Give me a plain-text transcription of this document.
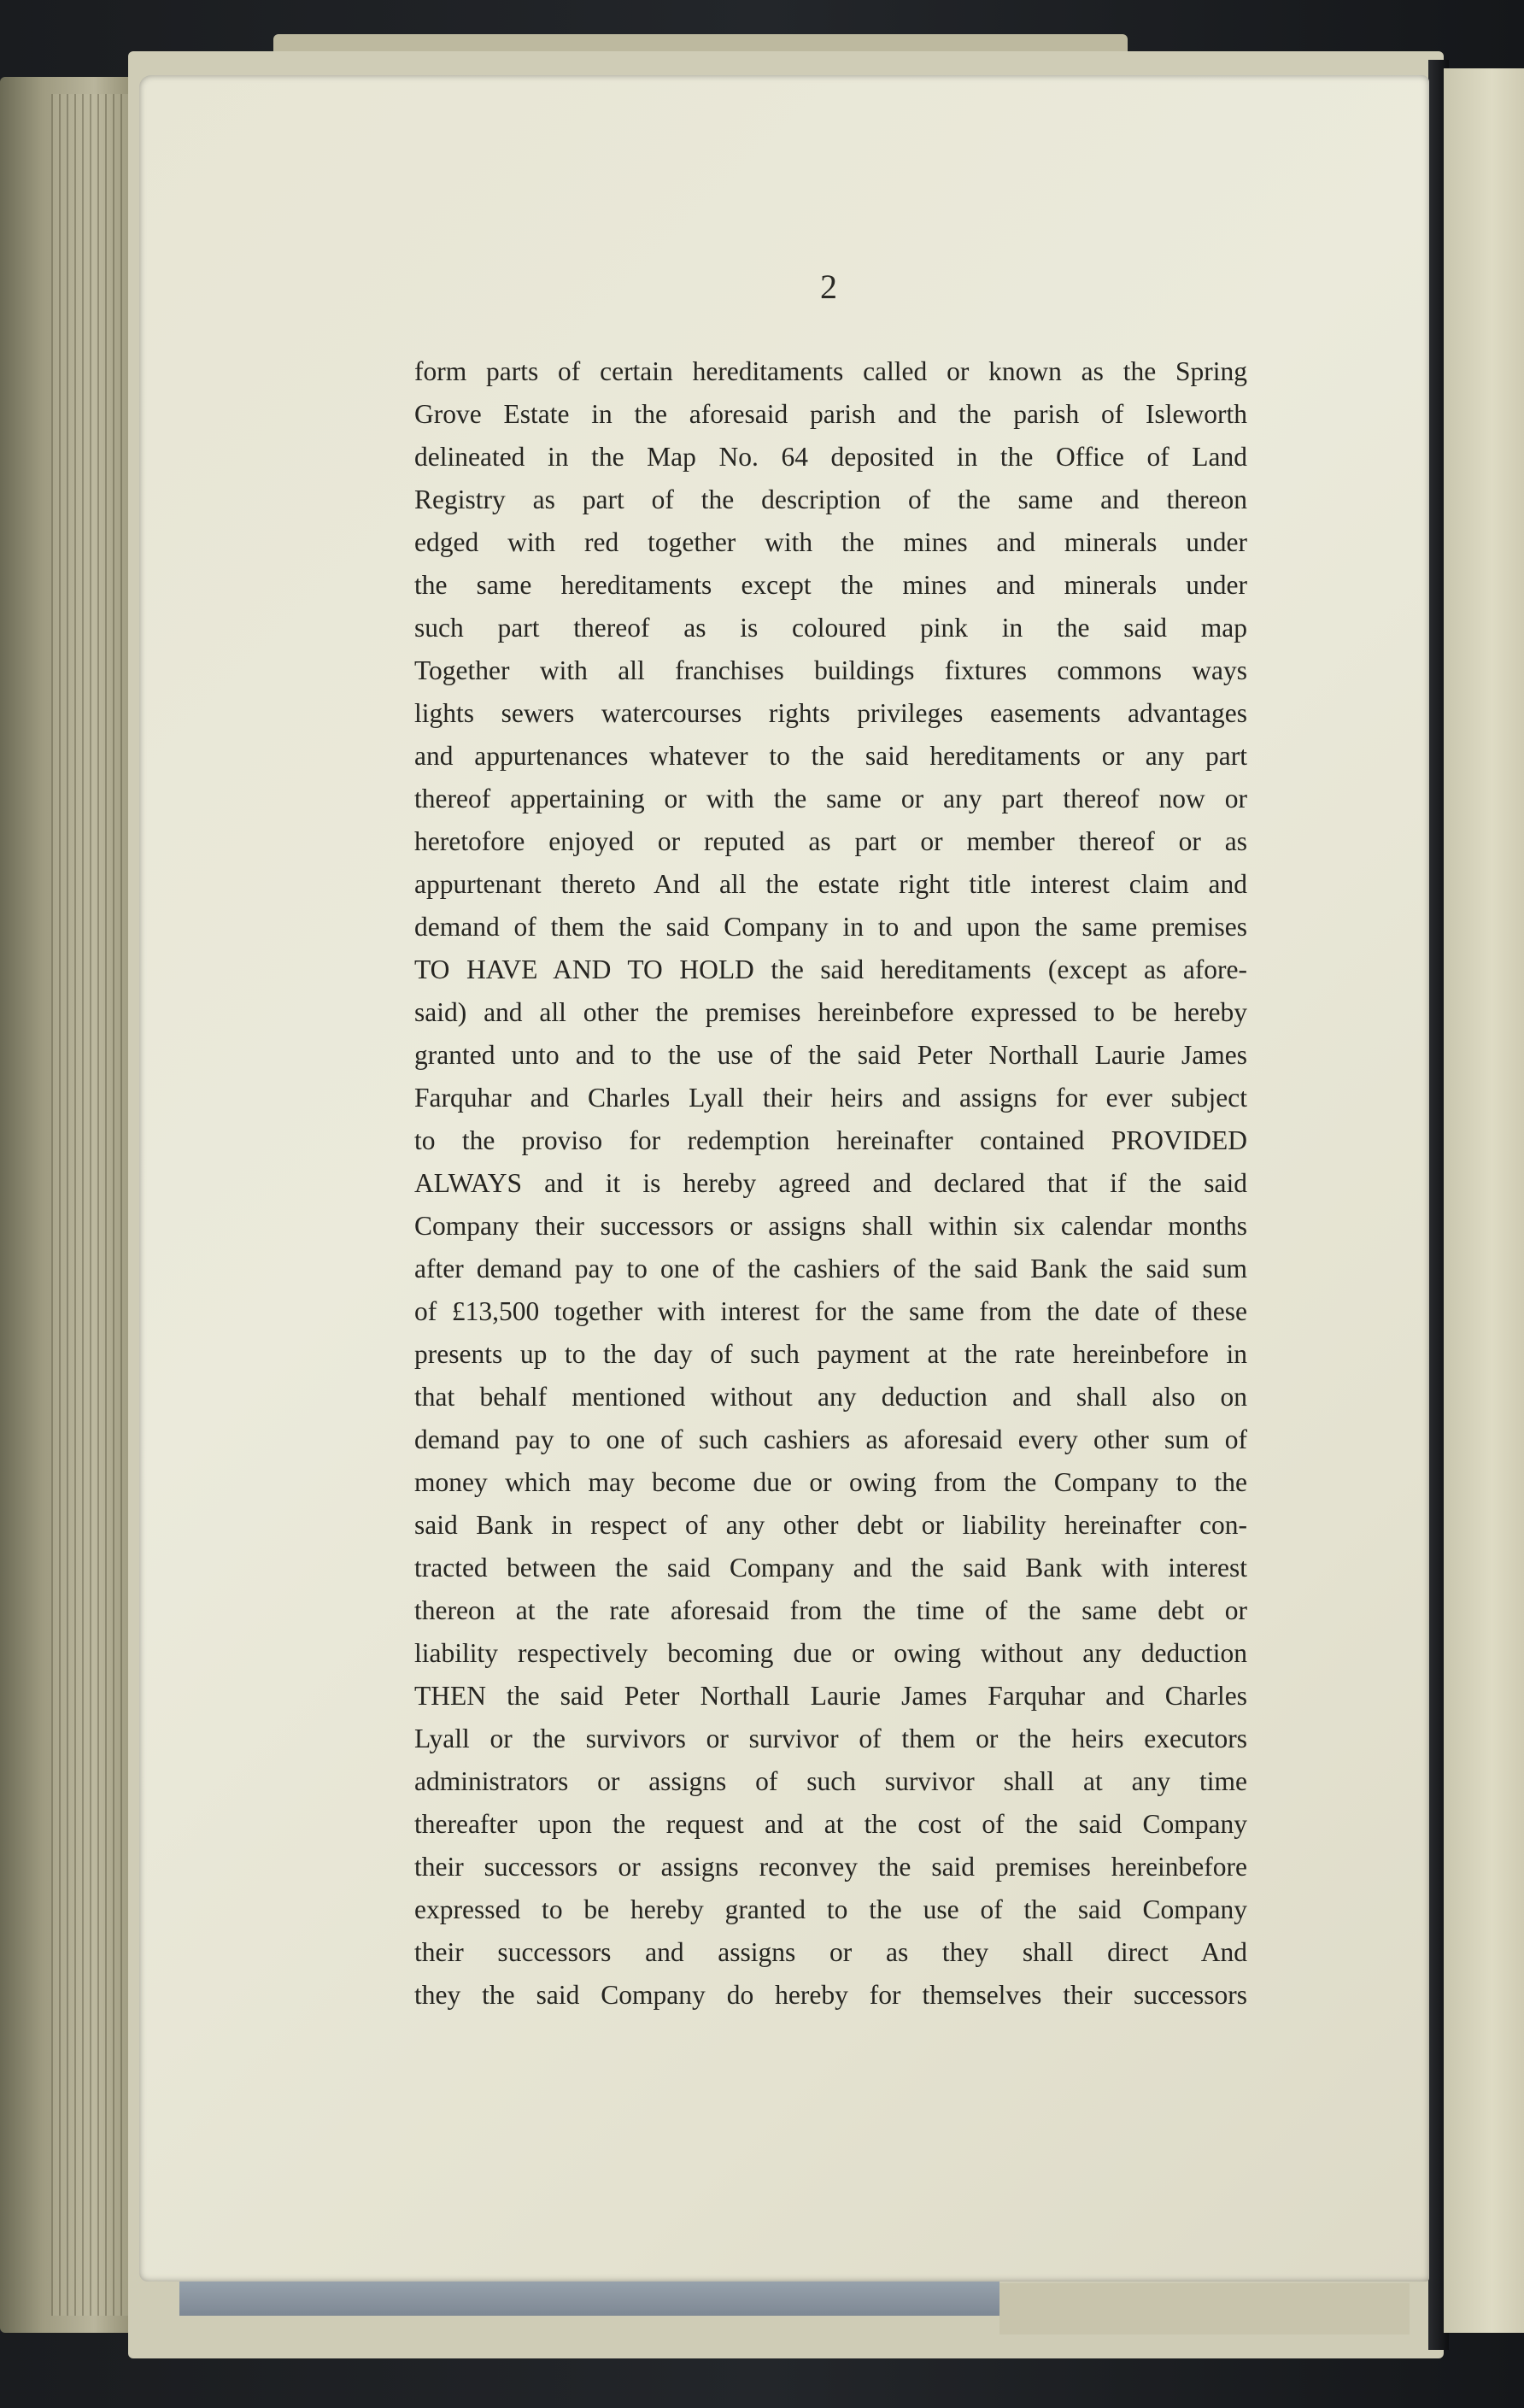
2
form parts of certain hereditaments called or known as the Spring
Grove Estate in the aforesaid parish and the parish of Isleworth
delineated in the Map No. 64 deposited in the Office of Land
Registry as part of the description of the same and thereon
edged with red together with the mines and minerals under
the same hereditaments except the mines and minerals under
such part thereof as is coloured pink in the said map
Together with all franchises buildings fixtures commons ways
lights sewers watercourses rights privileges easements advantages
and appurtenances whatever to the said hereditaments or any part
thereof appertaining or with the same or any part thereof now or
heretofore enjoyed or reputed as part or member thereof or as
appurtenant thereto And all the estate right title interest claim and
demand of them the said Company in to and upon the same premises
TO HAVE AND TO HOLD the said hereditaments (except as afore-
said) and all other the premises hereinbefore expressed to be hereby
granted unto and to the use of the said Peter Northall Laurie James
Farquhar and Charles Lyall their heirs and assigns for ever subject
to the proviso for redemption hereinafter contained PROVIDED
ALWAYS and it is hereby agreed and declared that if the said
Company their successors or assigns shall within six calendar months
after demand pay to one of the cashiers of the said Bank the said sum
of £13,500 together with interest for the same from the date of these
presents up to the day of such payment at the rate hereinbefore in
that behalf mentioned without any deduction and shall also on
demand pay to one of such cashiers as aforesaid every other sum of
money which may become due or owing from the Company to the
said Bank in respect of any other debt or liability hereinafter con-
tracted between the said Company and the said Bank with interest
thereon at the rate aforesaid from the time of the same debt or
liability respectively becoming due or owing without any deduction
THEN the said Peter Northall Laurie James Farquhar and Charles
Lyall or the survivors or survivor of them or the heirs executors
administrators or assigns of such survivor shall at any time
thereafter upon the request and at the cost of the said Company
their successors or assigns reconvey the said premises hereinbefore
expressed to be hereby granted to the use of the said Company
their successors and assigns or as they shall direct And
they the said Company do hereby for themselves their successors
